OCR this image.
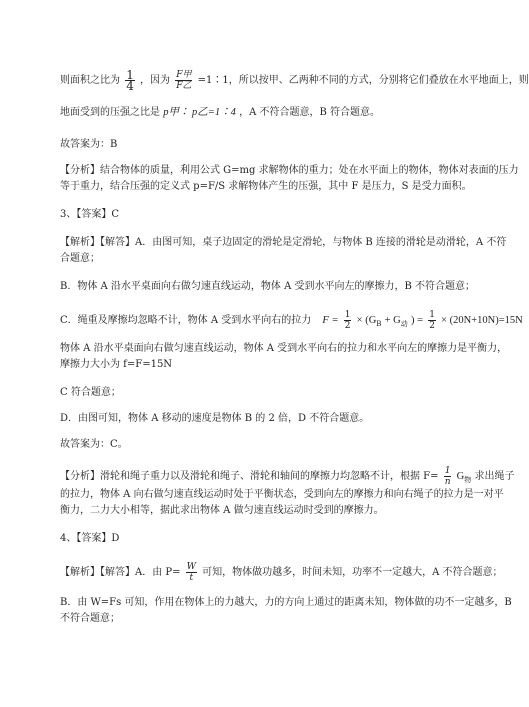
则面积之比为 $\frac{1}{4}$ ，因为 $\frac{\text{F甲}}{\text{F乙}}$ =1∶1，所以按甲、乙两种不同的方式，分别将它们叠放在水平地面上，则
地面受到的压强之比是 p甲∶ p乙=1∶4 ，A 不符合题意，B 符合题意。
故答案为：B
【分析】结合物体的质量，利用公式 G=mg 求解物体的重力；处在水平面上的物体，物体对表面的压力
等于重力，结合压强的定义式 p=F/S 求解物体产生的压强，其中 F 是压力，S 是受力面积。
3、【答案】C
【解析】【解答】A．由图可知，桌子边固定的滑轮是定滑轮，与物体 B 连接的滑轮是动滑轮，A 不符
合题意；
B．物体 A 沿水平桌面向右做匀速直线运动，物体 A 受到水平向左的摩擦力，B 不符合题意；
C．绳重及摩擦均忽略不计，物体 A 受到水平向右的拉力 $F = \frac{1}{2} \times (G_B + G_动$ ) = $\frac{1}{2} \times (20N+10N)=15N$
物体 A 沿水平桌面向右做匀速直线运动，物体 A 受到水平向右的拉力和水平向左的摩擦力是平衡力，
摩擦力大小为 f=F=15N
C 符合题意；
D．由图可知，物体 A 移动的速度是物体 B 的 2 倍，D 不符合题意。
故答案为：C。
【分析】滑轮和绳子重力以及滑轮和绳子、滑轮和轴间的摩擦力均忽略不计，根据 $F= \frac{1}{n} G_物$ 求出绳子
的拉力，物体 A 向右做匀速直线运动时处于平衡状态，受到向左的摩擦力和向右绳子的拉力是一对平
衡力，二力大小相等，据此求出物体 A 做匀速直线运动时受到的摩擦力。
4、【答案】D
【解析】【解答】A．由 $P= \frac{W}{t}$ 可知，物体做功越多，时间未知，功率不一定越大，A 不符合题意；
B．由 W=Fs 可知，作用在物体上的力越大，力的方向上通过的距离未知，物体做的功不一定越多，B
不符合题意；
